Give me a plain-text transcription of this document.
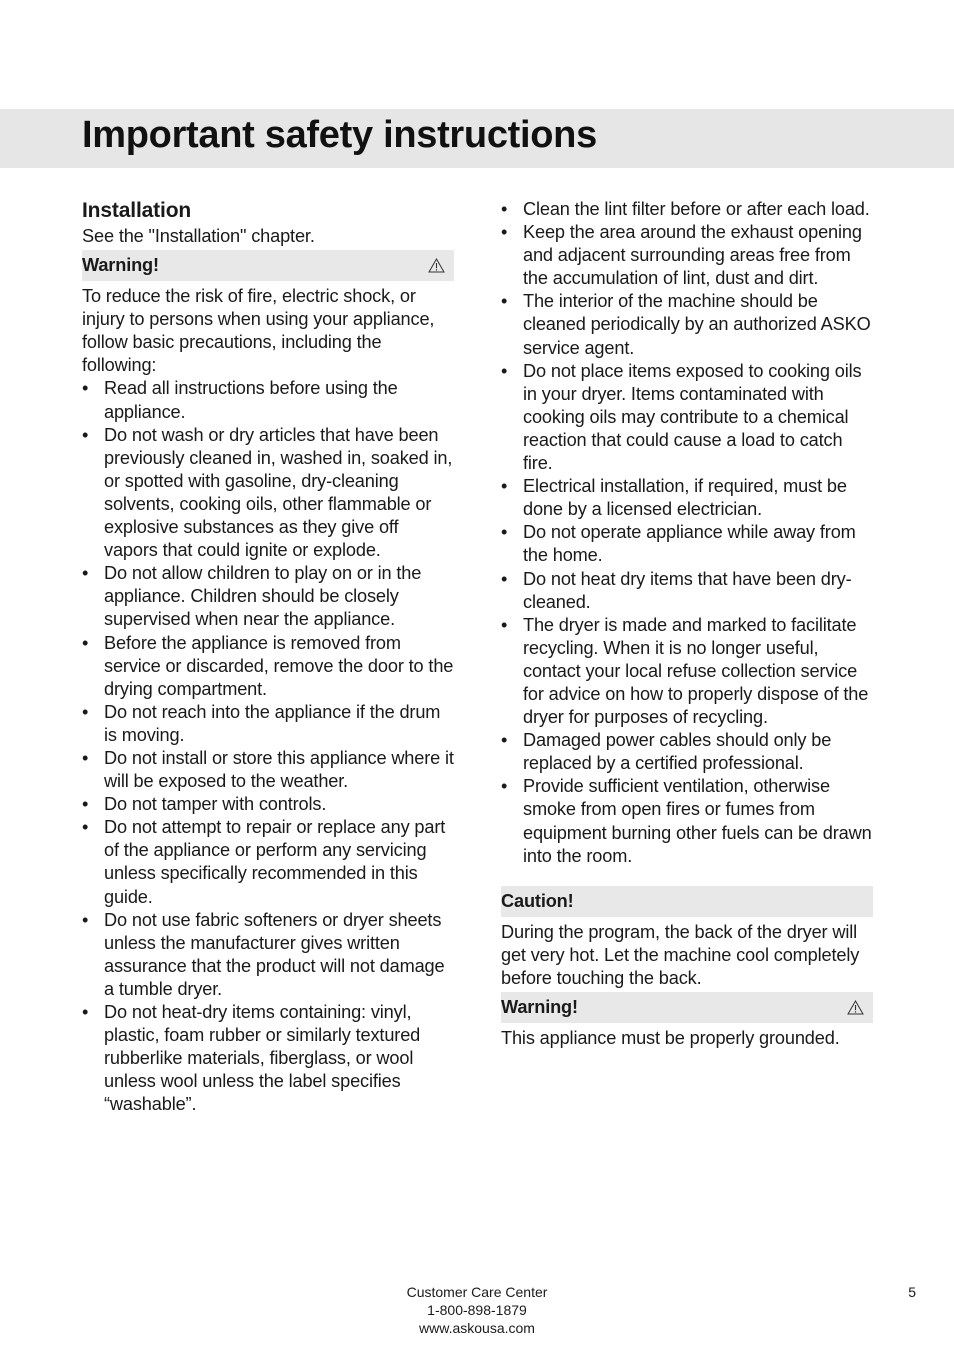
Important safety instructions
Installation

See the "Installation" chapter.

Warning!

To reduce the risk of fire, electric shock, or injury to persons when using your appliance, follow basic precautions, including the following:

• Read all instructions before using the appliance.
• Do not wash or dry articles that have been previously cleaned in, washed in, soaked in, or spotted with gasoline, dry-cleaning solvents, cooking oils, other flammable or explosive substances as they give off vapors that could ignite or explode.
• Do not allow children to play on or in the appliance. Children should be closely supervised when near the appliance.
• Before the appliance is removed from service or discarded, remove the door to the drying compartment.
• Do not reach into the appliance if the drum is moving.
• Do not install or store this appliance where it will be exposed to the weather.
• Do not tamper with controls.
• Do not attempt to repair or replace any part of the appliance or perform any servicing unless specifically recommended in this guide.
• Do not use fabric softeners or dryer sheets unless the manufacturer gives written assurance that the product will not damage a tumble dryer.
• Do not heat-dry items containing: vinyl, plastic, foam rubber or similarly textured rubberlike materials, fiberglass, or wool unless wool unless the label specifies “washable”.
• Clean the lint filter before or after each load.
• Keep the area around the exhaust opening and adjacent surrounding areas free from the accumulation of lint, dust and dirt.
• The interior of the machine should be cleaned periodically by an authorized ASKO service agent.
• Do not place items exposed to cooking oils in your dryer. Items contaminated with cooking oils may contribute to a chemical reaction that could cause a load to catch fire.
• Electrical installation, if required, must be done by a licensed electrician.
• Do not operate appliance while away from the home.
• Do not heat dry items that have been dry-cleaned.
• The dryer is made and marked to facilitate recycling. When it is no longer useful, contact your local refuse collection service for advice on how to properly dispose of the dryer for purposes of recycling.
• Damaged power cables should only be replaced by a certified professional.
• Provide sufficient ventilation, otherwise smoke from open fires or fumes from equipment burning other fuels can be drawn into the room.
Caution!

During the program, the back of the dryer will get very hot. Let the machine cool completely before touching the back.

Warning!

This appliance must be properly grounded.

Customer Care Center
1-800-898-1879
www.askousa.com
5
